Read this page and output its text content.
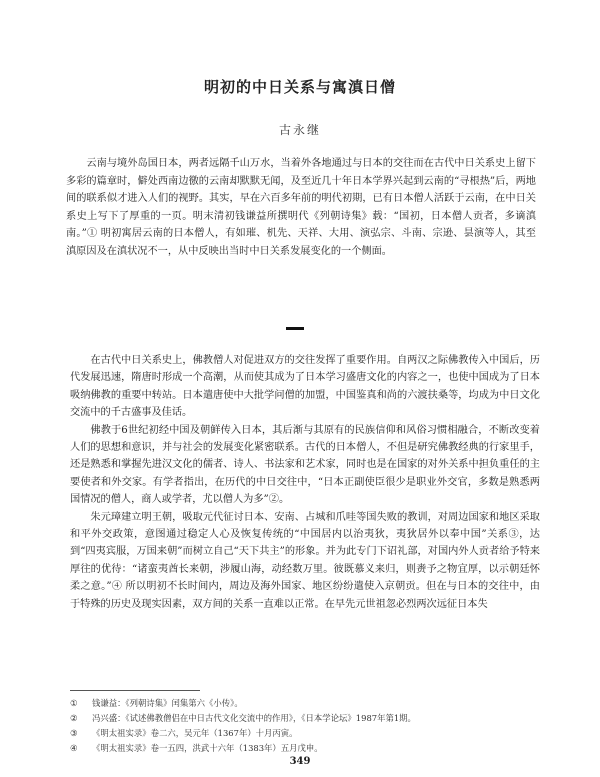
明初的中日关系与寓滇日僧
古永继

云南与境外岛国日本，两者远隔千山万水，当着外各地通过与日本的交往而在古代中日关系史上留下多彩的篇章时，僻处西南边徼的云南却默默无闻，及至近几十年日本学界兴起到云南的“寻根热”后，两地间的联系似才进入人们的视野。其实，早在六百多年前的明代初期，已有日本僧人活跃于云南，在中日关系史上写下了厚重的一页。明末清初钱谦益所撰明代《列朝诗集》载：“国初，日本僧人贡者，多谪滇南。”① 明初寓居云南的日本僧人，有如璀、机先、天祥、大用、演弘宗、斗南、宗逊、昙演等人，其至滇原因及在滇状况不一，从中反映出当时中日关系发展变化的一个侧面。

在古代中日关系史上，佛教僧人对促进双方的交往发挥了重要作用。自两汉之际佛教传入中国后，历代发展迅速，隋唐时形成一个高潮，从而使其成为了日本学习盛唐文化的内容之一，也使中国成为了日本吸纳佛教的重要中转站。日本遣唐使中大批学问僧的加盟，中国鉴真和尚的六渡扶桑等，均成为中日文化交流中的千古盛事及佳话。

佛教于6世纪初经中国及朝鲜传入日本，其后渐与其原有的民族信仰和风俗习惯相融合，不断改变着人们的思想和意识，并与社会的发展变化紧密联系。古代的日本僧人，不但是研究佛教经典的行家里手，还是熟悉和掌握先进汉文化的儒者、诗人、书法家和艺术家，同时也是在国家的对外关系中担负重任的主要使者和外交家。有学者指出，在历代的中日交往中，“日本正副使臣很少是职业外交官，多数是熟悉两国情况的僧人，商人或学者，尤以僧人为多”②。

朱元璋建立明王朝，吸取元代征讨日本、安南、占城和爪哇等国失败的教训，对周边国家和地区采取和平外交政策，意图通过稳定人心及恢复传统的“中国居内以治夷狄，夷狄居外以奉中国”关系③，达到“四夷宾服，万国来朝”而树立自己“天下共主”的形象。并为此专门下诏礼部，对国内外人贡者给予特来厚往的优待：“诸蛮夷酋长来朝，涉履山海，动经数万里。彼既慕义来归，则赉予之物宜厚，以示朝廷怀柔之意。”④ 所以明初不长时间内，周边及海外国家、地区纷纷遣使入京朝贡。但在与日本的交往中，由于特殊的历史及现实因素，双方间的关系一直难以正常。在早先元世祖忽必烈两次远征日本失

① 钱谦益：《列朝诗集》闰集第六《小传》。
② 冯兴盛：《试述佛教僧侣在中日古代文化交流中的作用》，《日本学论坛》1987年第1期。
③ 《明太祖实录》卷二六，吴元年（1367年）十月丙寅。
④ 《明太祖实录》卷一五四，洪武十六年（1383年）五月戊申。
349
